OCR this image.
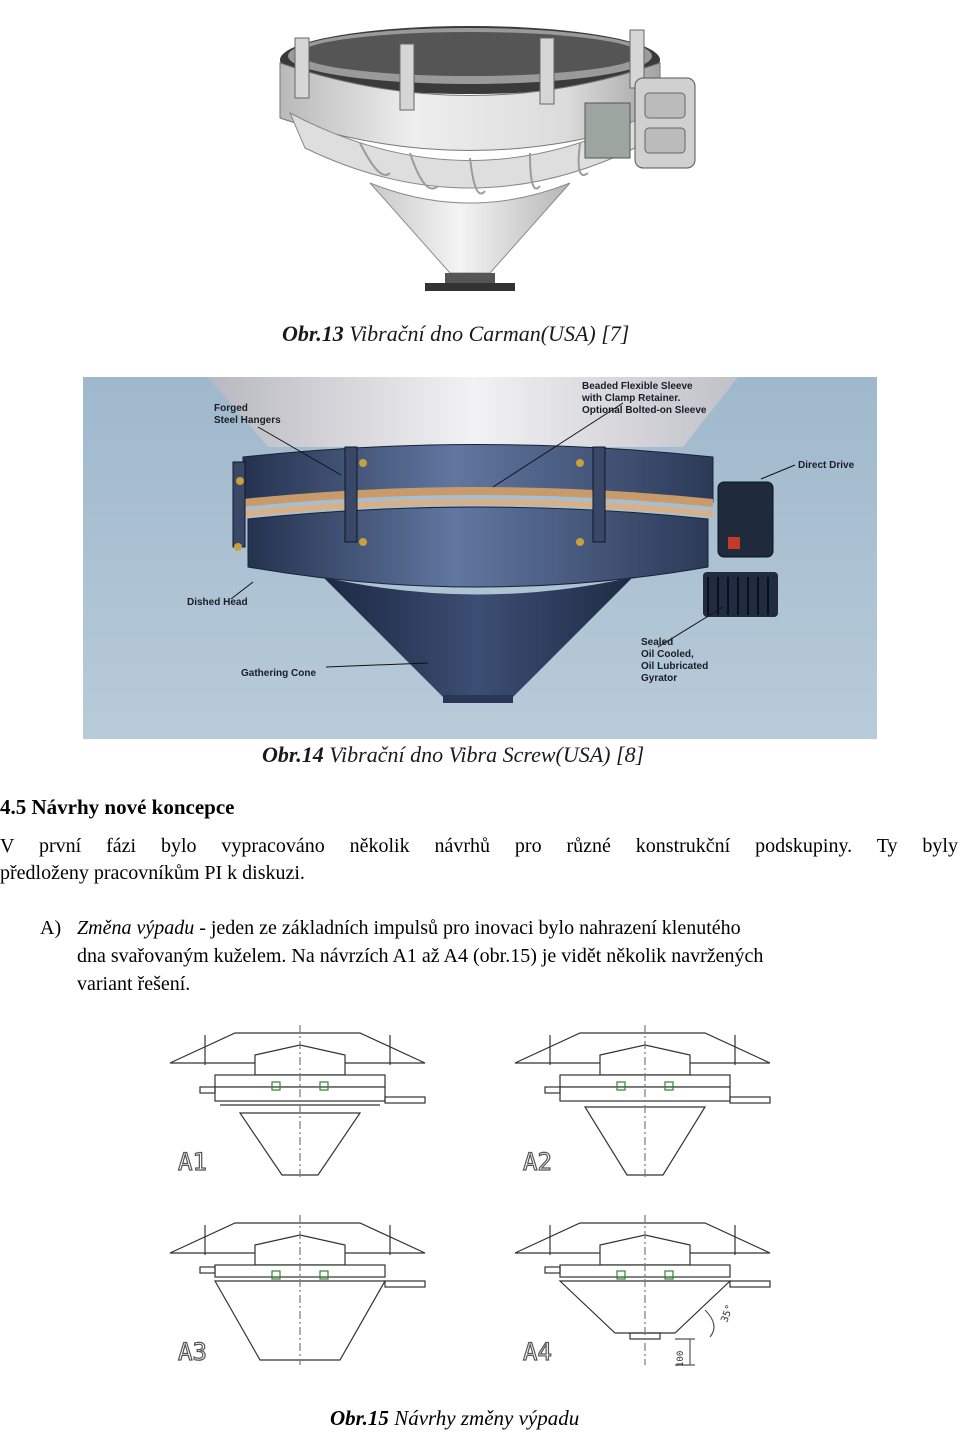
Obr.13 Vibrační dno Carman(USA) [7]
Forged
Steel Hangers
Beaded Flexible Sleeve
with Clamp Retainer.
Optional Bolted-on Sleeve
Direct Drive
Dished Head
Gathering Cone
Sealed
Oil Cooled,
Oil Lubricated
Gyrator
Obr.14 Vibrační dno Vibra Screw(USA) [8]
4.5 Návrhy nové koncepce
V první fázi bylo vypracováno několik návrhů pro různé konstrukční podskupiny. Ty byly
předloženy pracovníkům PI k diskuzi.
A) Změna výpadu - jeden ze základních impulsů pro inovaci bylo nahrazení klenutého
dna svařovaným kuželem. Na návrzích A1 až A4 (obr.15) je vidět několik navržených
variant řešení.
A1	A2
A3
35°
100
A4
Obr.15 Návrhy změny výpadu
